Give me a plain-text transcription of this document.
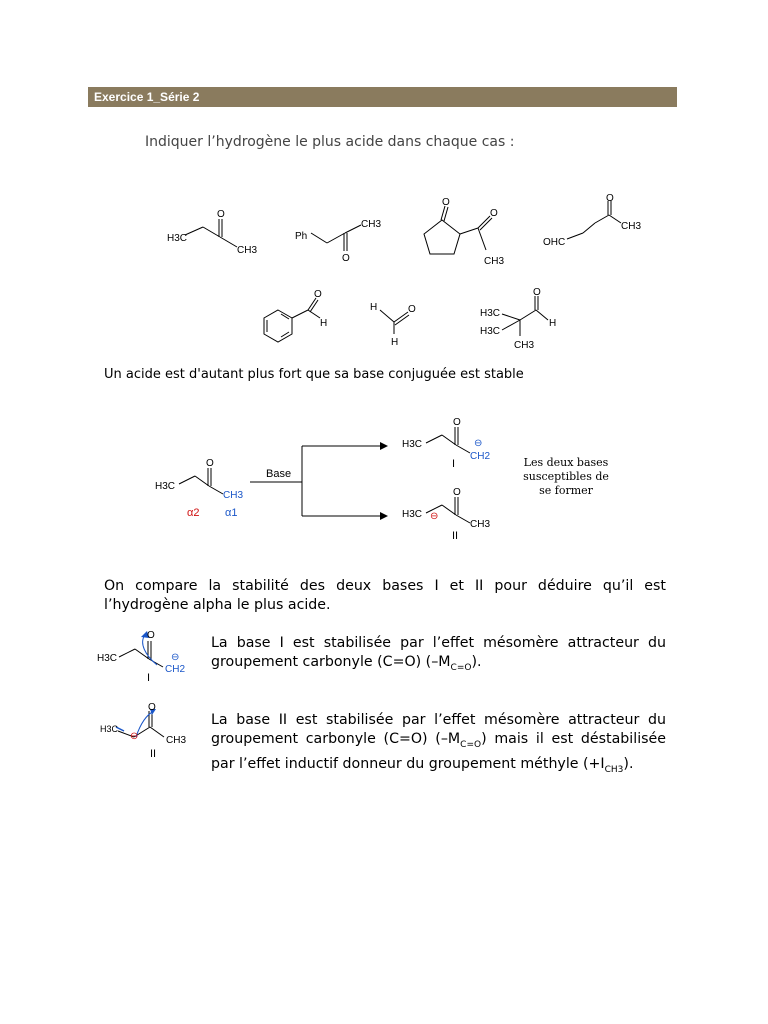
Exercice 1_Série 2
Indiquer l’hydrogène le plus acide dans chaque cas :
H3C
O
CH3
Ph
CH3
O
O
O
CH3
OHC
O
CH3
O
H
H	O
H
H3C
H3C
CH3
O
H
Un acide est d'autant plus fort que sa base conjuguée est stable
H3C
O
CH3
α2 α1
Base
H3C
O
CH2
⊖
I
H3C
O
CH3
⊖
II
Les deux bases
susceptibles de
se former
On compare la stabilité des deux bases I et II pour déduire qu’il est l’hydrogène alpha le plus acide.
H3C
O
CH2
⊖
I
La base I est stabilisée par l’effet mésomère attracteur du groupement carbonyle (C=O) $(-M_{C=O})$.
H3C
O
CH3
⊖
II
La base II est stabilisée par l’effet mésomère attracteur du groupement carbonyle (C=O) $(-M_{C=O})$ mais il est déstabilisée par l’effet inductif donneur du groupement méthyle $(+I_{CH3})$.
